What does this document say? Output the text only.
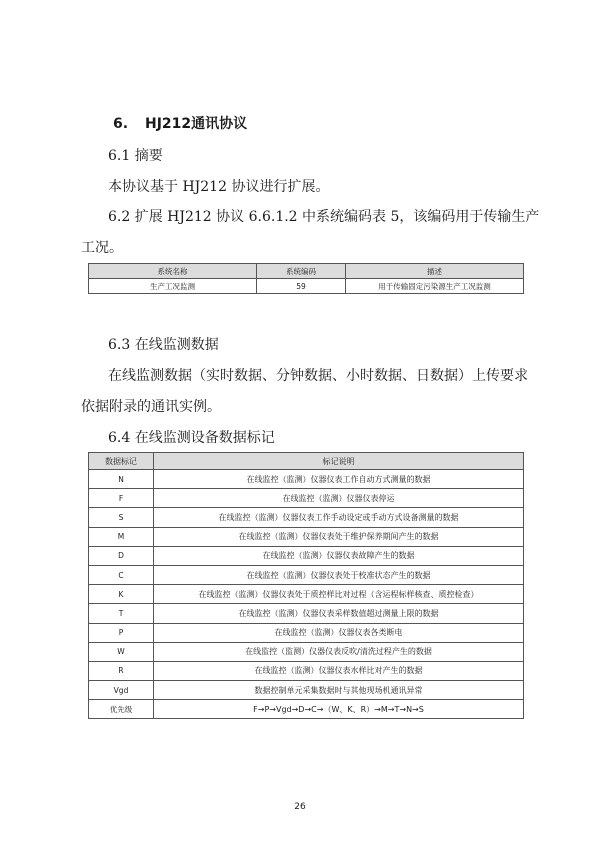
6. HJ212通讯协议
6.1 摘要
本协议基于 HJ212 协议进行扩展。
6.2 扩展 HJ212 协议 6.6.1.2 中系统编码表 5，该编码用于传输生产
工况。
系统名称	系统编码	描述
生产工况监测	59	用于传输固定污染源生产工况监测
6.3 在线监测数据
在线监测数据（实时数据、分钟数据、小时数据、日数据）上传要求
依据附录的通讯实例。
6.4 在线监测设备数据标记
数据标记	标记说明
N	在线监控（监测）仪器仪表工作自动方式测量的数据
F	在线监控（监测）仪器仪表停运
S	在线监控（监测）仪器仪表工作手动设定或手动方式设备测量的数据
M	在线监控（监测）仪器仪表处于维护保养期间产生的数据
D	在线监控（监测）仪器仪表故障产生的数据
C	在线监控（监测）仪器仪表处于校准状态产生的数据
K	在线监控（监测）仪器仪表处于质控样比对过程（含运程标样核查、质控检查）
T	在线监控（监测）仪器仪表采样数值超过测量上限的数据
P	在线监控（监测）仪器仪表各类断电
W	在线监控（监测）仪器仪表反吹/清洗过程产生的数据
R	在线监控（监测）仪器仪表水样比对产生的数据
Vgd	数据控制单元采集数据时与其他现场机通讯异常
优先级	F→P→Vgd→D→C→（W、K、R）→M→T→N→S
26
